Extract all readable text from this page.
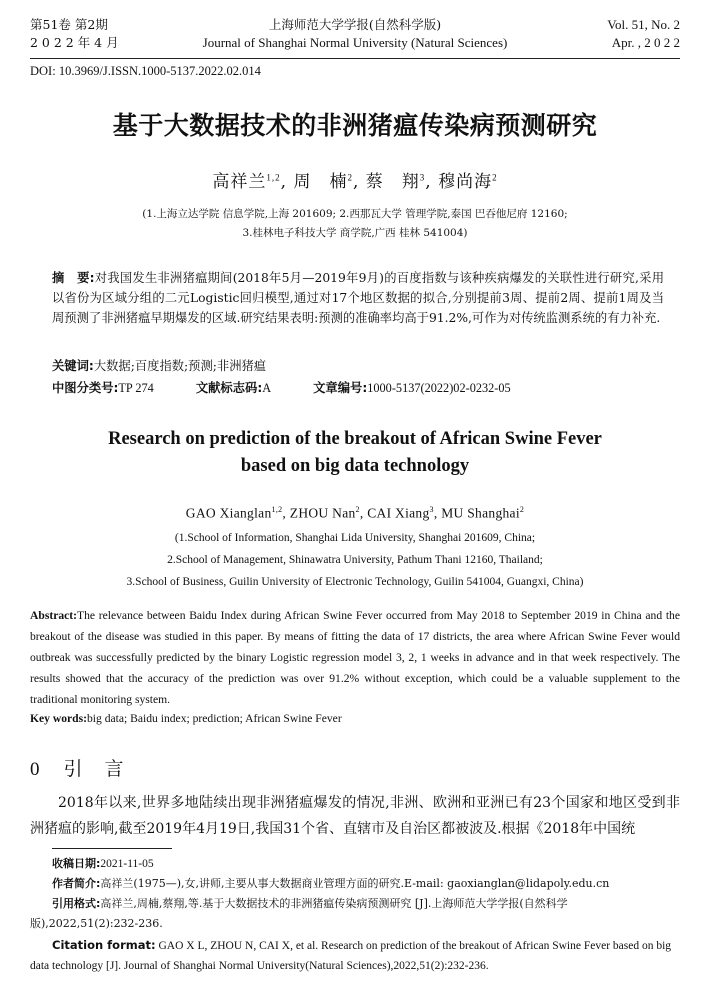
第51卷 第2期
2 0 2 2 年 4 月
上海师范大学学报(自然科学版)
Journal of Shanghai Normal University (Natural Sciences)
Vol. 51, No. 2
Apr. , 2 0 2 2
DOI: 10.3969/J.ISSN.1000-5137.2022.02.014
基于大数据技术的非洲猪瘟传染病预测研究
高祥兰$^{1,2}$, 周　楠$^2$, 蔡　翔$^3$, 穆尚海$^2$
(1.上海立达学院 信息学院,上海 201609; 2.西那瓦大学 管理学院,泰国 巴吞他尼府 12160;
3.桂林电子科技大学 商学院,广西 桂林 541004)
摘　要:对我国发生非洲猪瘟期间(2018年5月—2019年9月)的百度指数与该种疾病爆发的关联性进行研究,采用以省份为区域分组的二元Logistic回归模型,通过对17个地区数据的拟合,分别提前3周、提前2周、提前1周及当周预测了非洲猪瘟早期爆发的区域.研究结果表明:预测的准确率均高于91.2%,可作为对传统监测系统的有力补充.
关键词:大数据;百度指数;预测;非洲猪瘟
中图分类号:TP 274	文献标志码:A	文章编号:1000-5137(2022)02-0232-05
Research on prediction of the breakout of African Swine Fever
based on big data technology
GAO Xianglan$^{1,2}$, ZHOU Nan$^2$, CAI Xiang$^3$, MU Shanghai$^2$
(1.School of Information, Shanghai Lida University, Shanghai 201609, China;
2.School of Management, Shinawatra University, Pathum Thani 12160, Thailand;
3.School of Business, Guilin University of Electronic Technology, Guilin 541004, Guangxi, China)
Abstract:The relevance between Baidu Index during African Swine Fever occurred from May 2018 to September 2019 in China and the breakout of the disease was studied in this paper. By means of fitting the data of 17 districts, the area where African Swine Fever would outbreak was successfully predicted by the binary Logistic regression model 3, 2, 1 weeks in advance and in that week respectively. The results showed that the accuracy of the prediction was over 91.2% without exception, which could be a valuable supplement to the traditional monitoring system.
Key words:big data; Baidu index; prediction; African Swine Fever
0 引言
2018年以来,世界多地陆续出现非洲猪瘟爆发的情况,非洲、欧洲和亚洲已有23个国家和地区受到非洲猪瘟的影响,截至2019年4月19日,我国31个省、直辖市及自治区都被波及.根据《2018年中国统
收稿日期:2021-11-05
作者简介:高祥兰(1975—),女,讲师,主要从事大数据商业管理方面的研究.E-mail: gaoxianglan@lidapoly.edu.cn
引用格式:高祥兰,周楠,蔡翔,等.基于大数据技术的非洲猪瘟传染病预测研究 [J].上海师范大学学报(自然科学版),2022,51(2):232-236.
Citation format: GAO X L, ZHOU N, CAI X, et al. Research on prediction of the breakout of African Swine Fever based on big data technology [J]. Journal of Shanghai Normal University(Natural Sciences),2022,51(2):232-236.
